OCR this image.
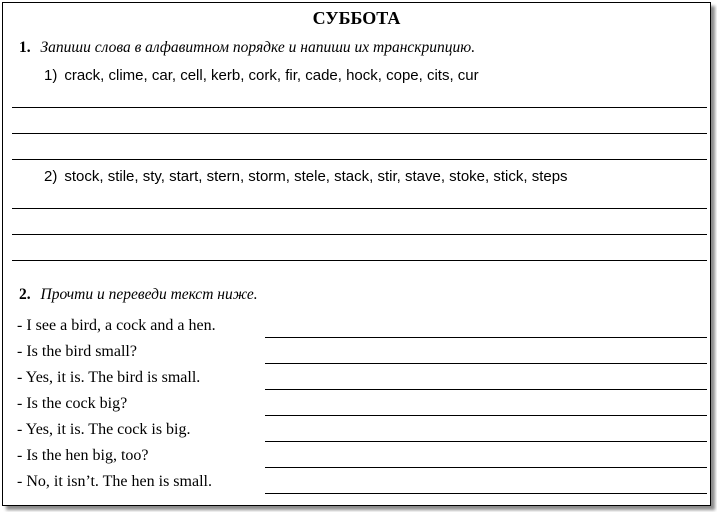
СУББОТА
1. Запиши слова в алфавитном порядке и напиши их транскрипцию.
1) crack, clime, car, cell, kerb, cork, fir, cade, hock, cope, cits, cur
2) stock, stile, sty, start, stern, storm, stele, stack, stir, stave, stoke, stick, steps
2. Прочти и переведи текст ниже.
- I see a bird, a cock and a hen.
- Is the bird small?
- Yes, it is. The bird is small.
- Is the cock big?
- Yes, it is. The cock is big.
- Is the hen big, too?
- No, it isn’t. The hen is small.
